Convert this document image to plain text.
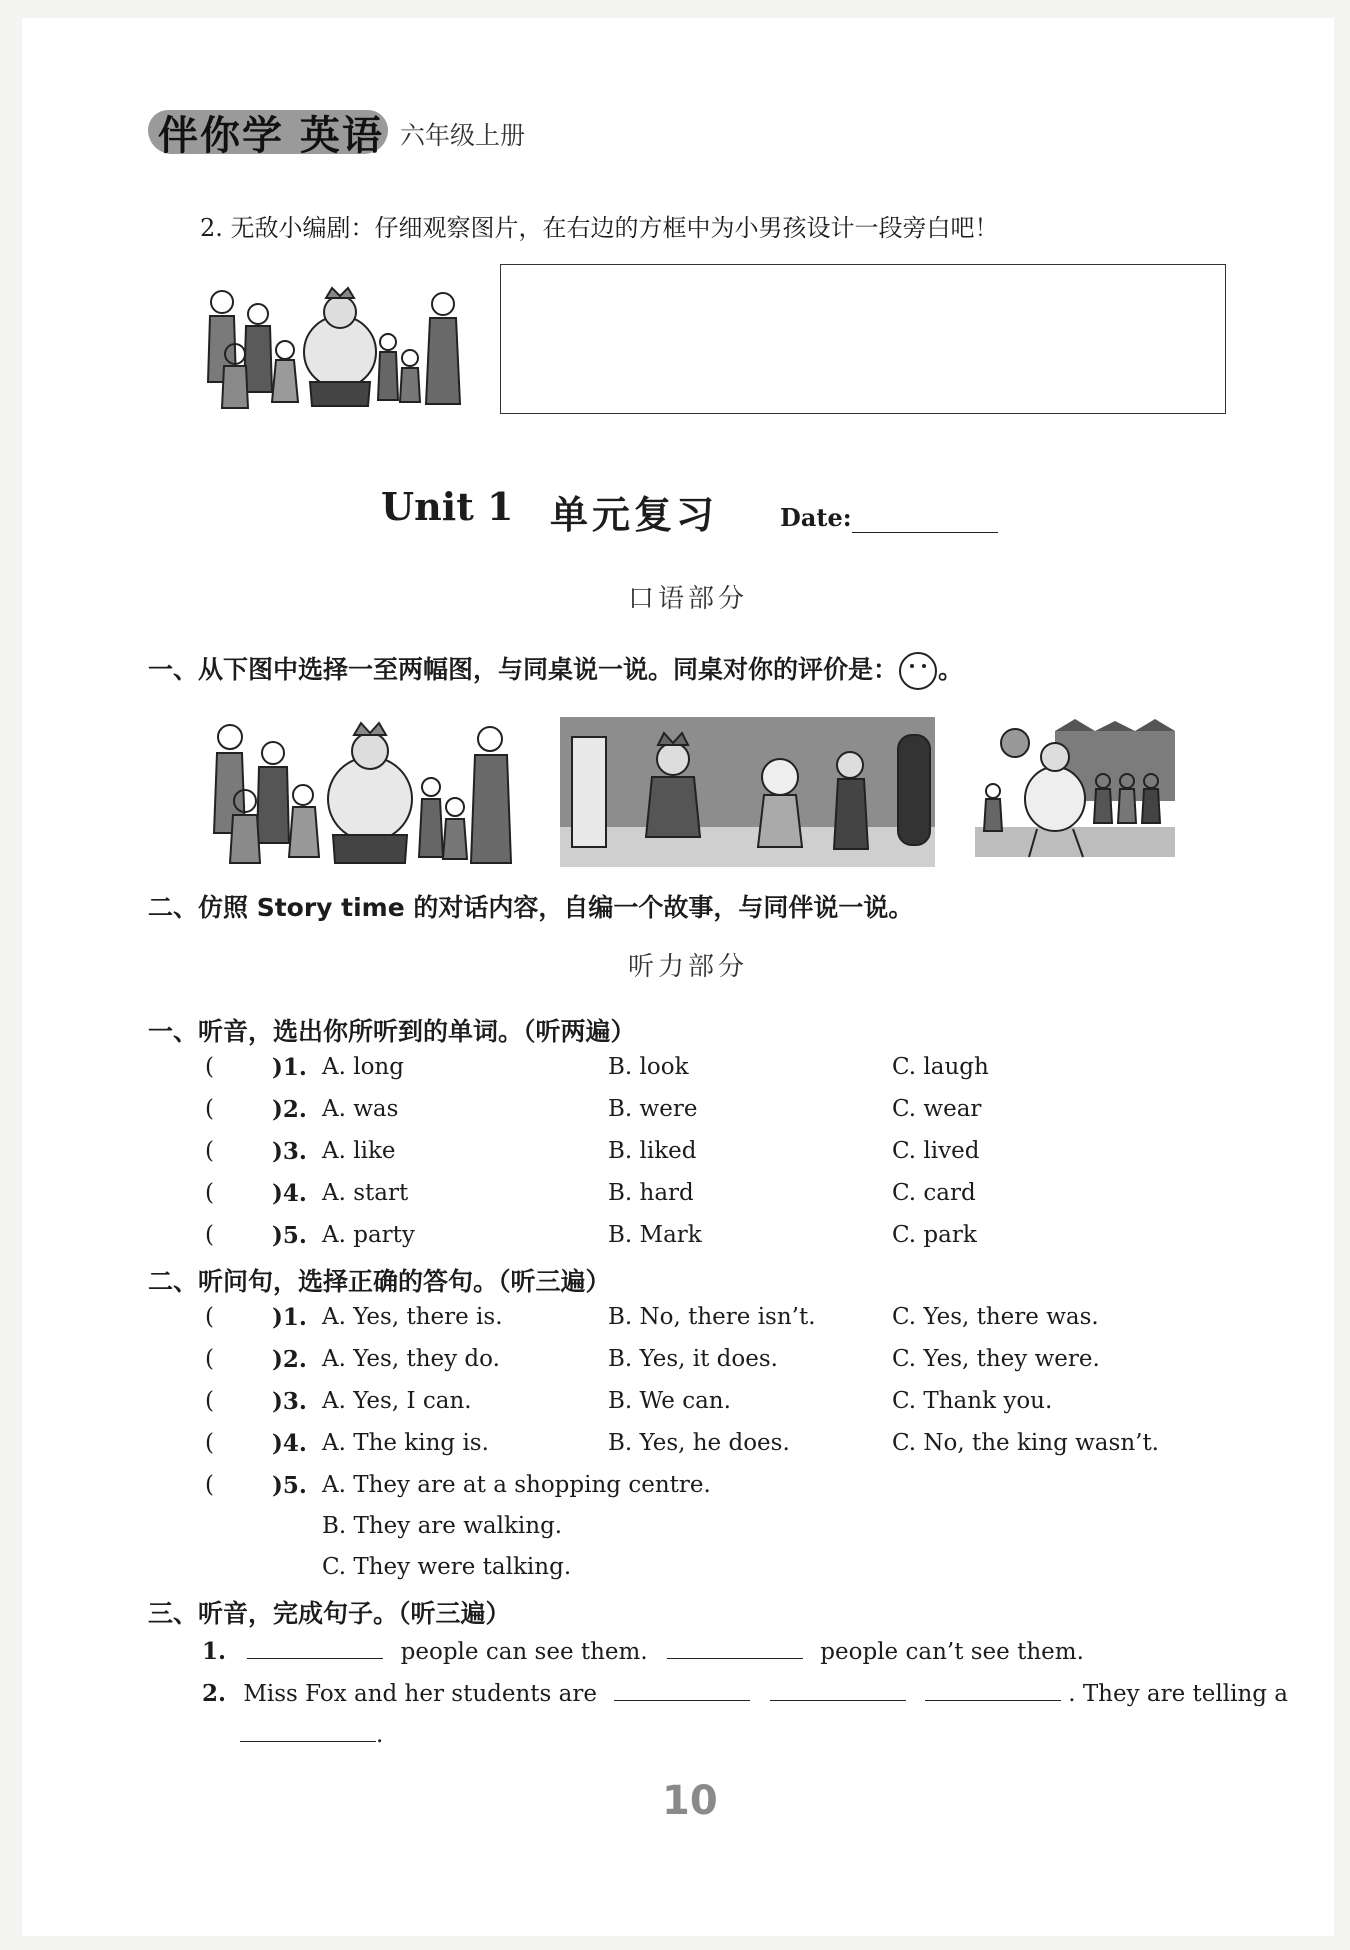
伴你学 英语 六年级上册
2. 无敌小编剧：仔细观察图片，在右边的方框中为小男孩设计一段旁白吧！
Unit 1 单元复习	Date:
口语部分
一、从下图中选择一至两幅图，与同桌说一说。同桌对你的评价是： 。
二、仿照 Story time 的对话内容，自编一个故事，与同伴说一说。
听力部分
一、听音，选出你所听到的单词。（听两遍）
(	)1. A. long	B. look	C. laugh
(	)2. A. was	B. were	C. wear
(	)3. A. like	B. liked	C. lived
(	)4. A. start	B. hard	C. card
(	)5. A. party	B. Mark	C. park
二、听问句，选择正确的答句。（听三遍）
(	)1. A. Yes, there is.	B. No, there isn’t.	C. Yes, there was.
(	)2. A. Yes, they do.	B. Yes, it does.	C. Yes, they were.
(	)3. A. Yes, I can.	B. We can.	C. Thank you.
(	)4. A. The king is.	B. Yes, he does.	C. No, the king wasn’t.
(	)5. A. They are at a shopping centre.
B. They are walking.
C. They were talking.
三、听音，完成句子。（听三遍）
1.	people can see them.	people can’t see them.
2. Miss Fox and her students are	. They are telling a
.
10
